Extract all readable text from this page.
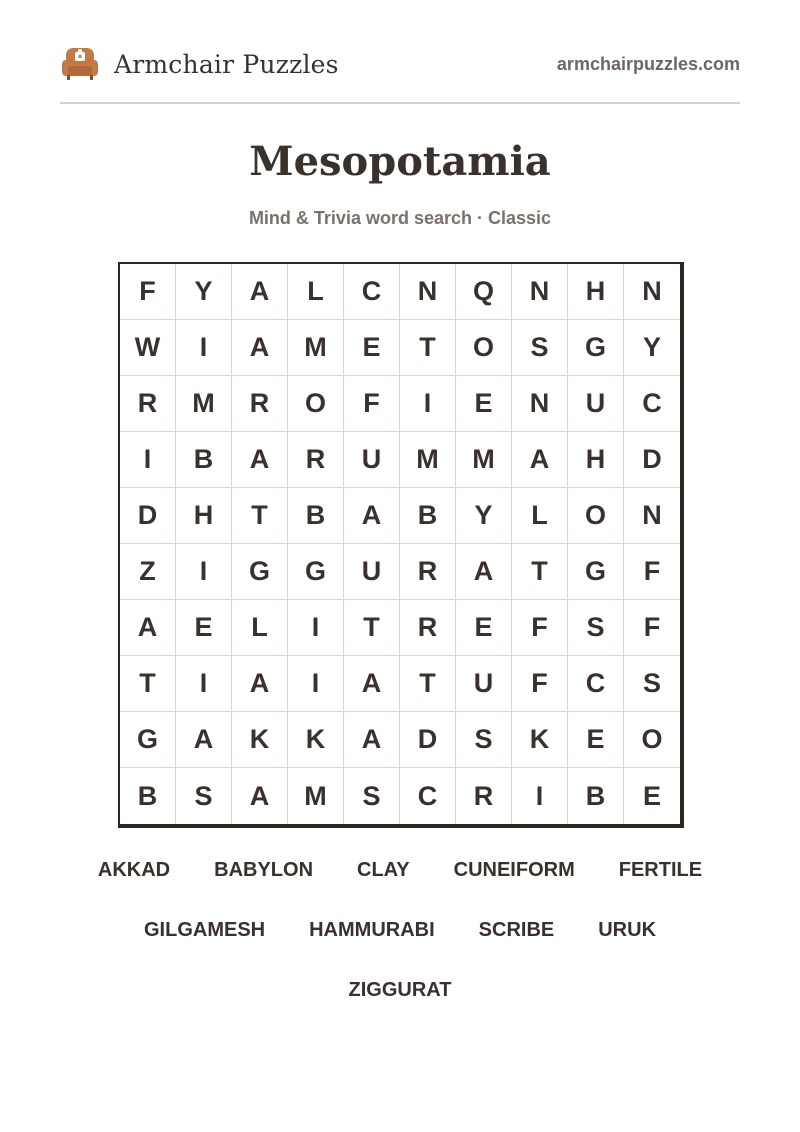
Armchair Puzzles	armchairpuzzles.com
Mesopotamia
Mind & Trivia word search · Classic
F	Y	A	L	C	N	Q	N	H	N
W	I	A	M	E	T	O	S	G	Y
R	M	R	O	F	I	E	N	U	C
I	B	A	R	U	M	M	A	H	D
D	H	T	B	A	B	Y	L	O	N
Z	I	G	G	U	R	A	T	G	F
A	E	L	I	T	R	E	F	S	F
T	I	A	I	A	T	U	F	C	S
G	A	K	K	A	D	S	K	E	O
B	S	A	M	S	C	R	I	B	E
AKKAD BABYLON CLAY CUNEIFORM FERTILE
GILGAMESH HAMMURABI SCRIBE URUK
ZIGGURAT
